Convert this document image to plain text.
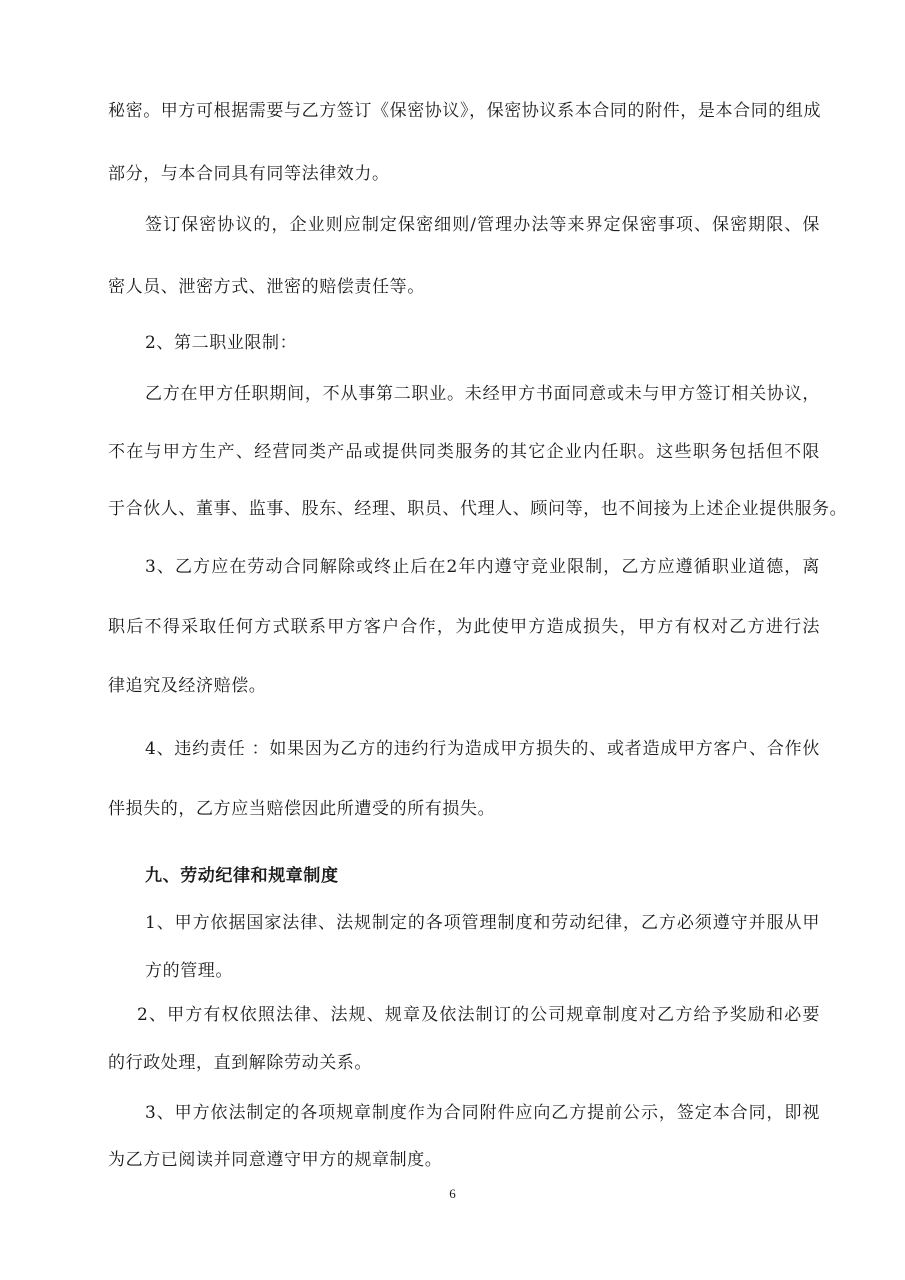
秘密。甲方可根据需要与乙方签订《保密协议》，保密协议系本合同的附件，是本合同的组成
部分，与本合同具有同等法律效力。
签订保密协议的，企业则应制定保密细则/管理办法等来界定保密事项、保密期限、保
密人员、泄密方式、泄密的赔偿责任等。
2、第二职业限制：
乙方在甲方任职期间，不从事第二职业。未经甲方书面同意或未与甲方签订相关协议，
不在与甲方生产、经营同类产品或提供同类服务的其它企业内任职。这些职务包括但不限
于合伙人、董事、监事、股东、经理、职员、代理人、顾问等，也不间接为上述企业提供服务。
3、乙方应在劳动合同解除或终止后在2年内遵守竞业限制，乙方应遵循职业道德，离
职后不得采取任何方式联系甲方客户合作，为此使甲方造成损失，甲方有权对乙方进行法
律追究及经济赔偿。
4、违约责任 ：如果因为乙方的违约行为造成甲方损失的、或者造成甲方客户、合作伙
伴损失的，乙方应当赔偿因此所遭受的所有损失。
九、劳动纪律和规章制度
1、甲方依据国家法律、法规制定的各项管理制度和劳动纪律，乙方必须遵守并服从甲
方的管理。
2、甲方有权依照法律、法规、规章及依法制订的公司规章制度对乙方给予奖励和必要
的行政处理，直到解除劳动关系。
3、甲方依法制定的各项规章制度作为合同附件应向乙方提前公示，签定本合同，即视
为乙方已阅读并同意遵守甲方的规章制度。
6
